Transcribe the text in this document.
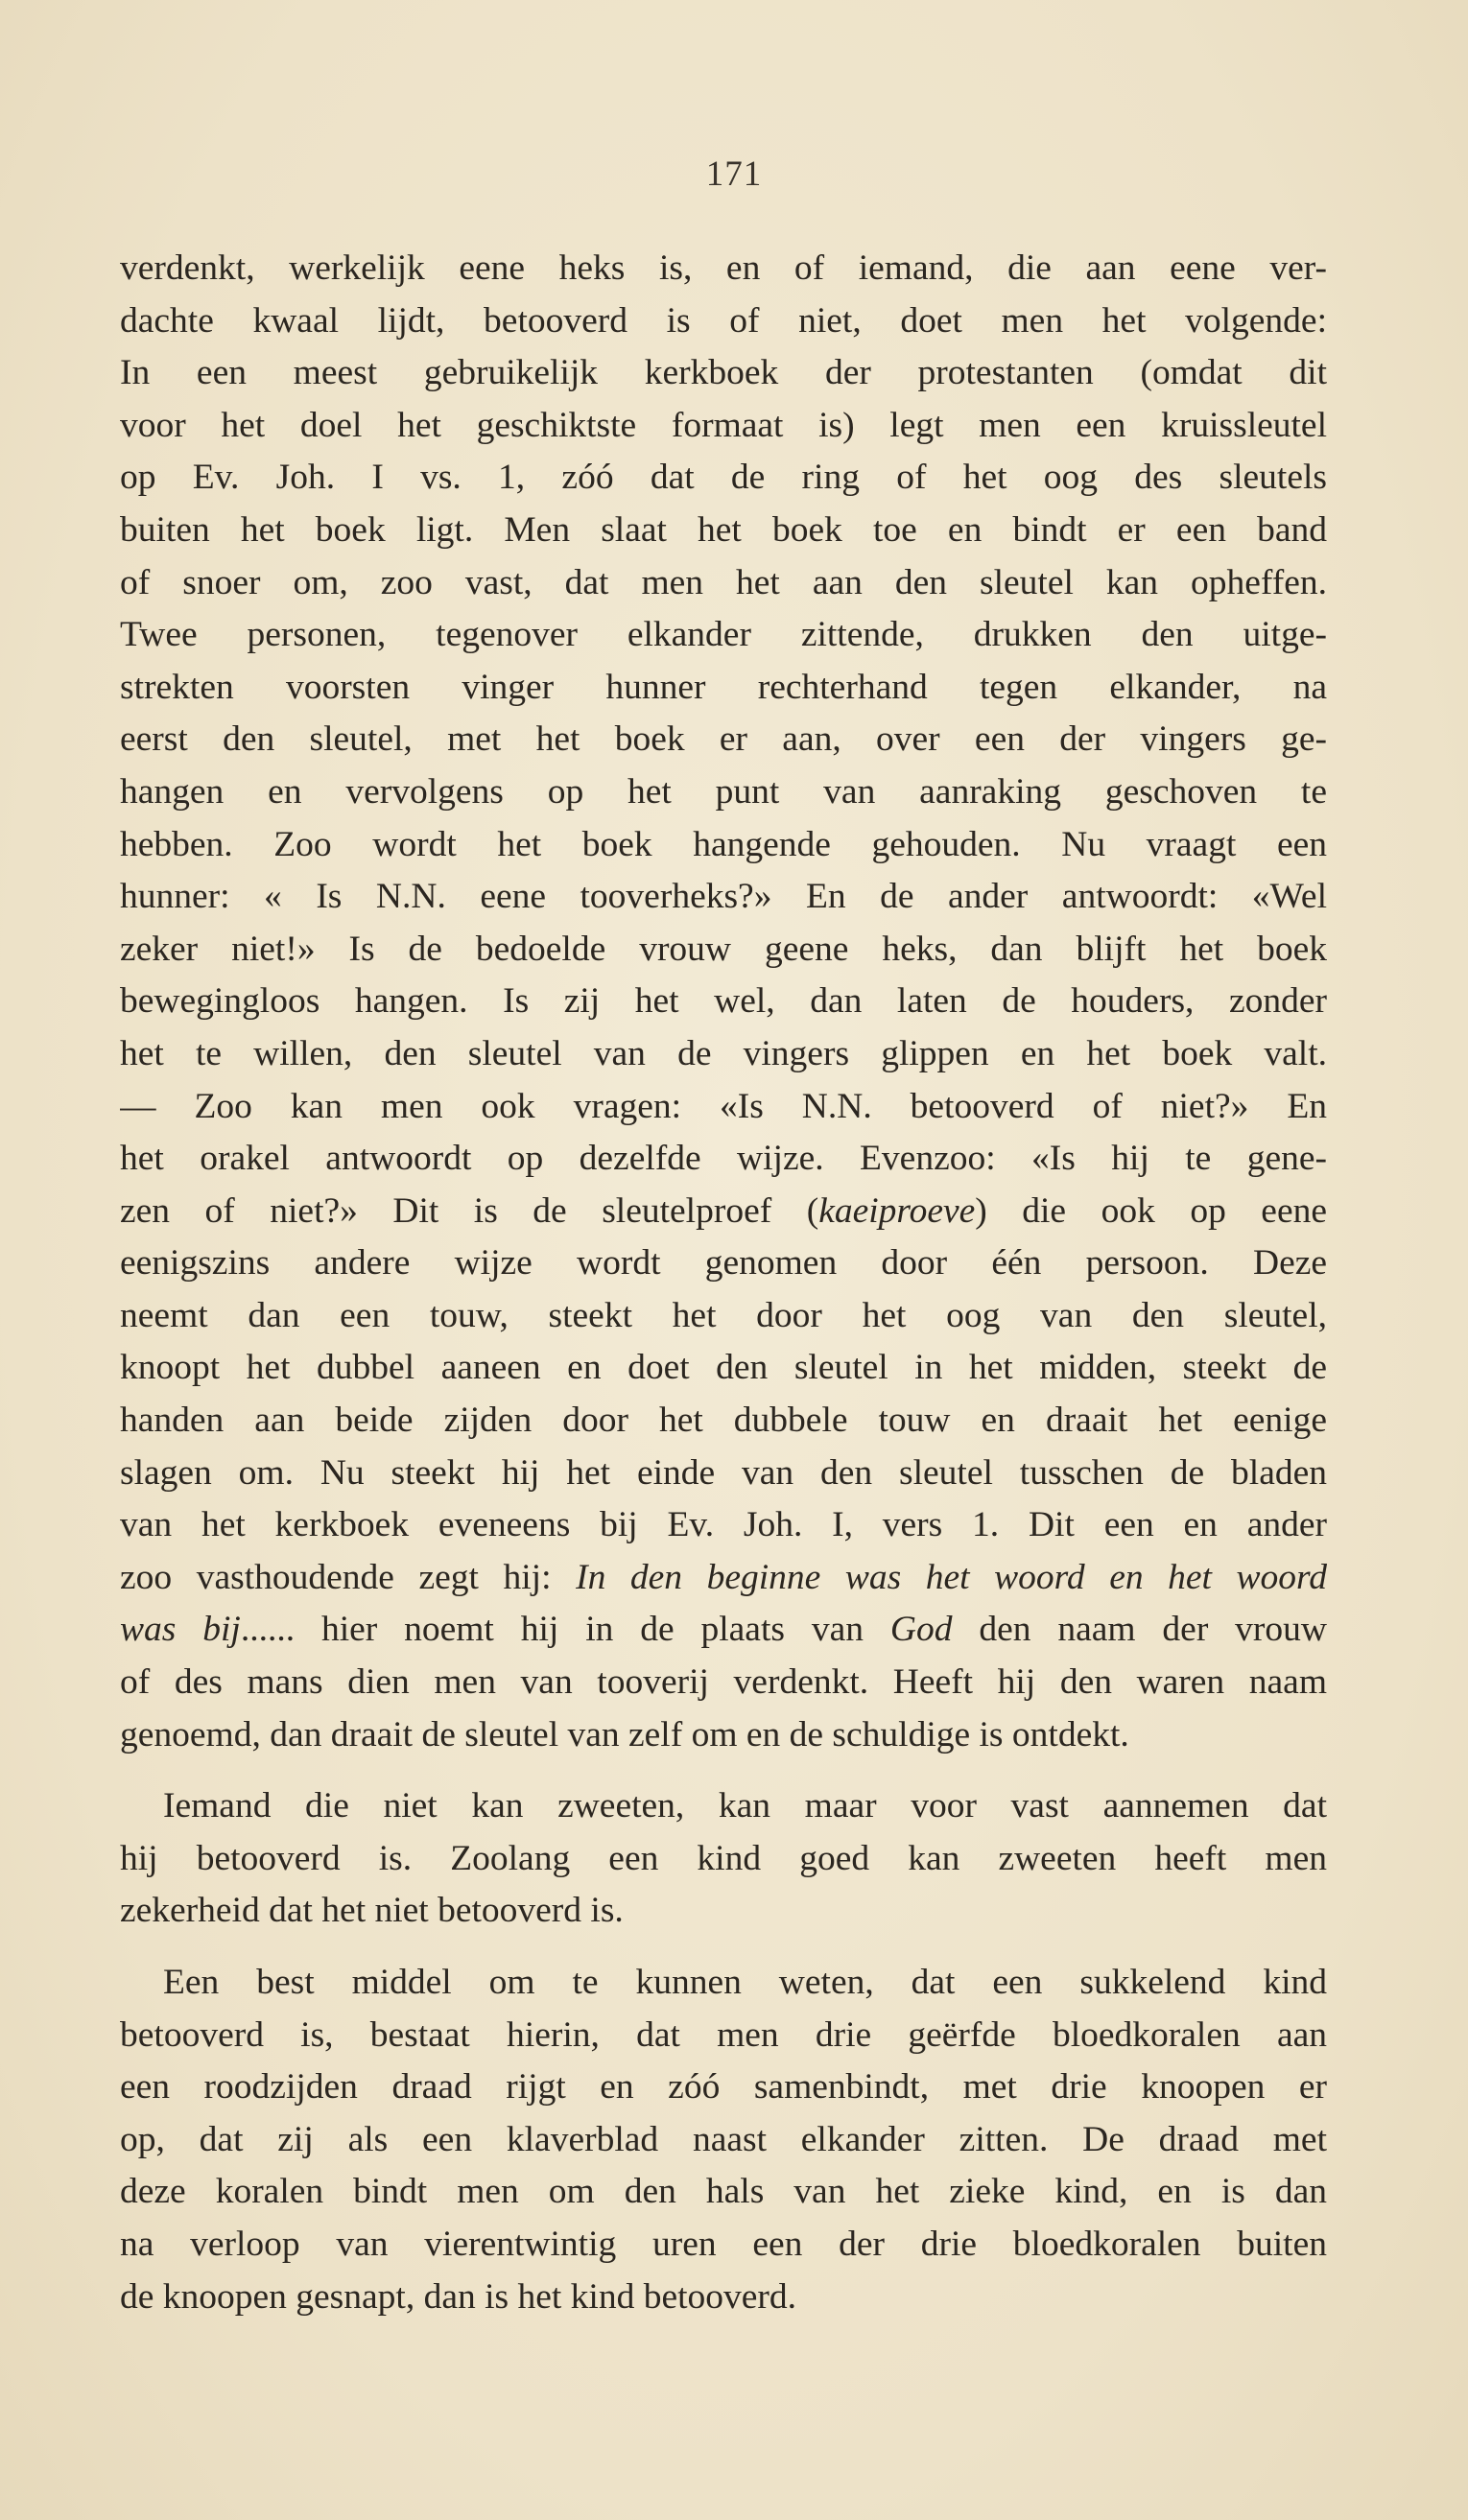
171
verdenkt, werkelijk eene heks is, en of iemand, die aan eene ver-
dachte kwaal lijdt, betooverd is of niet, doet men het volgende:
In een meest gebruikelijk kerkboek der protestanten (omdat dit
voor het doel het geschiktste formaat is) legt men een kruissleutel
op Ev. Joh. I vs. 1, zóó dat de ring of het oog des sleutels
buiten het boek ligt. Men slaat het boek toe en bindt er een band
of snoer om, zoo vast, dat men het aan den sleutel kan opheffen.
Twee personen, tegenover elkander zittende, drukken den uitge-
strekten voorsten vinger hunner rechterhand tegen elkander, na
eerst den sleutel, met het boek er aan, over een der vingers ge-
hangen en vervolgens op het punt van aanraking geschoven te
hebben. Zoo wordt het boek hangende gehouden. Nu vraagt een
hunner: « Is N.N. eene tooverheks?» En de ander antwoordt: «Wel
zeker niet!» Is de bedoelde vrouw geene heks, dan blijft het boek
bewegingloos hangen. Is zij het wel, dan laten de houders, zonder
het te willen, den sleutel van de vingers glippen en het boek valt.
— Zoo kan men ook vragen: «Is N.N. betooverd of niet?» En
het orakel antwoordt op dezelfde wijze. Evenzoo: «Is hij te gene-
zen of niet?» Dit is de sleutelproef (kaeiproeve) die ook op eene
eenigszins andere wijze wordt genomen door één persoon. Deze
neemt dan een touw, steekt het door het oog van den sleutel,
knoopt het dubbel aaneen en doet den sleutel in het midden, steekt de
handen aan beide zijden door het dubbele touw en draait het eenige
slagen om. Nu steekt hij het einde van den sleutel tusschen de bladen
van het kerkboek eveneens bij Ev. Joh. I, vers 1. Dit een en ander
zoo vasthoudende zegt hij: In den beginne was het woord en het woord
was bij...... hier noemt hij in de plaats van God den naam der vrouw
of des mans dien men van tooverij verdenkt. Heeft hij den waren naam
genoemd, dan draait de sleutel van zelf om en de schuldige is ontdekt.
Iemand die niet kan zweeten, kan maar voor vast aannemen dat
hij betooverd is. Zoolang een kind goed kan zweeten heeft men
zekerheid dat het niet betooverd is.
Een best middel om te kunnen weten, dat een sukkelend kind
betooverd is, bestaat hierin, dat men drie geërfde bloedkoralen aan
een roodzijden draad rijgt en zóó samenbindt, met drie knoopen er
op, dat zij als een klaverblad naast elkander zitten. De draad met
deze koralen bindt men om den hals van het zieke kind, en is dan
na verloop van vierentwintig uren een der drie bloedkoralen buiten
de knoopen gesnapt, dan is het kind betooverd.
